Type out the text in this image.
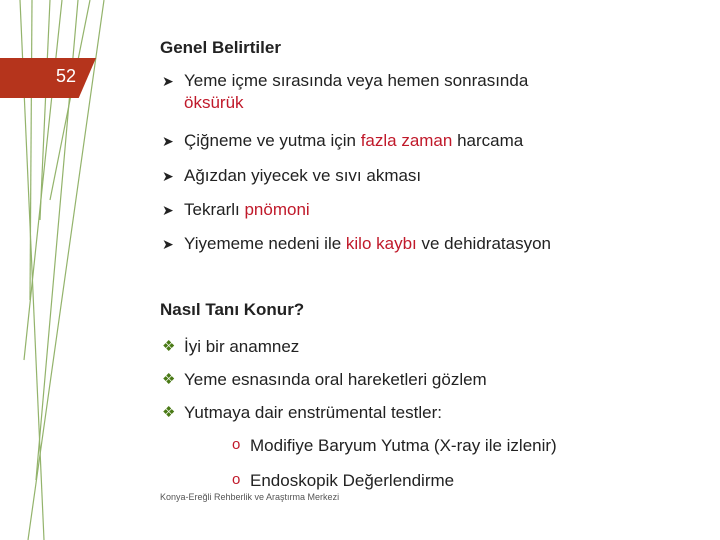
52
Genel Belirtiler
➤ Yeme içme sırasında veya hemen sonrasında
öksürük
➤ Çiğneme ve yutma için fazla zaman harcama
➤ Ağızdan yiyecek ve sıvı akması
➤ Tekrarlı pnömoni
➤ Yiyememe nedeni ile kilo kaybı ve dehidratasyon
Nasıl Tanı Konur?
❖ İyi bir anamnez
❖ Yeme esnasında oral hareketleri gözlem
❖ Yutmaya dair enstrümental testler:
o Modifiye Baryum Yutma (X-ray ile izlenir)
o Endoskopik Değerlendirme
Konya-Ereğli Rehberlik ve Araştırma Merkezi
